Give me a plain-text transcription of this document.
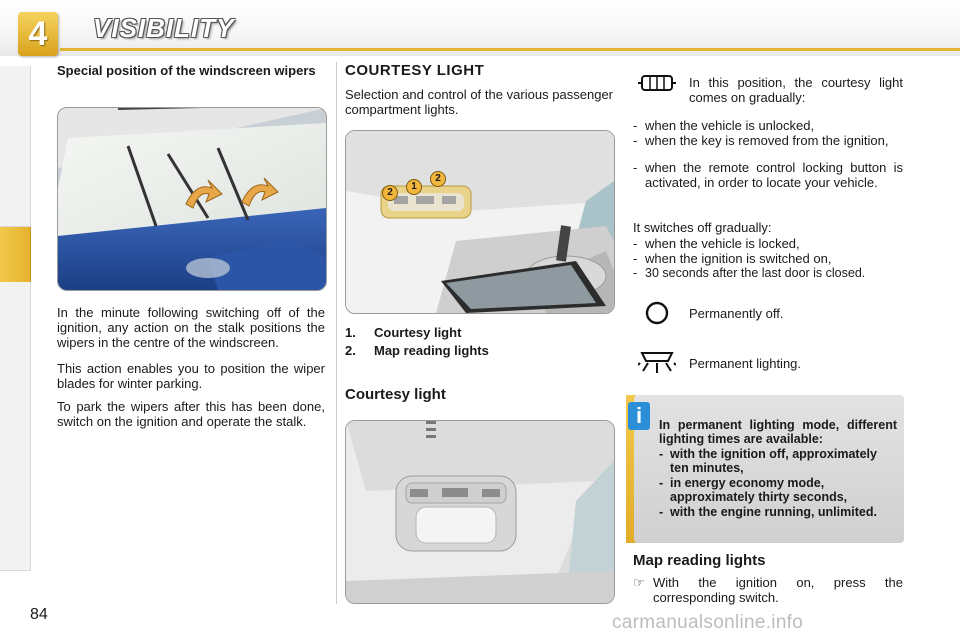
4	VISIBILITY
Special position of the windscreen wipers
In the minute following switching off of the ignition, any action on the stalk positions the wipers in the centre of the windscreen.
This action enables you to position the wiper blades for winter parking.
To park the wipers after this has been done, switch on the ignition and operate the stalk.
COURTESY LIGHT
Selection and control of the various passenger compartment lights.
2
1
2
1. Courtesy light
2. Map reading lights
Courtesy light
In this position, the courtesy light comes on gradually:
- when the vehicle is unlocked,
- when the key is removed from the ignition,
- when the remote control locking button is activated, in order to locate your vehicle.
It switches off gradually:
- when the vehicle is locked,
- when the ignition is switched on,
- 30 seconds after the last door is closed.
Permanently off.
Permanent lighting.
i	In permanent lighting mode, different lighting times are available:
- with the ignition off, approximately ten minutes,
- in energy economy mode, approximately thirty seconds,
- with the engine running, unlimited.
Map reading lights
☞ With the ignition on, press the corresponding switch.
84	carmanualsonline.info
